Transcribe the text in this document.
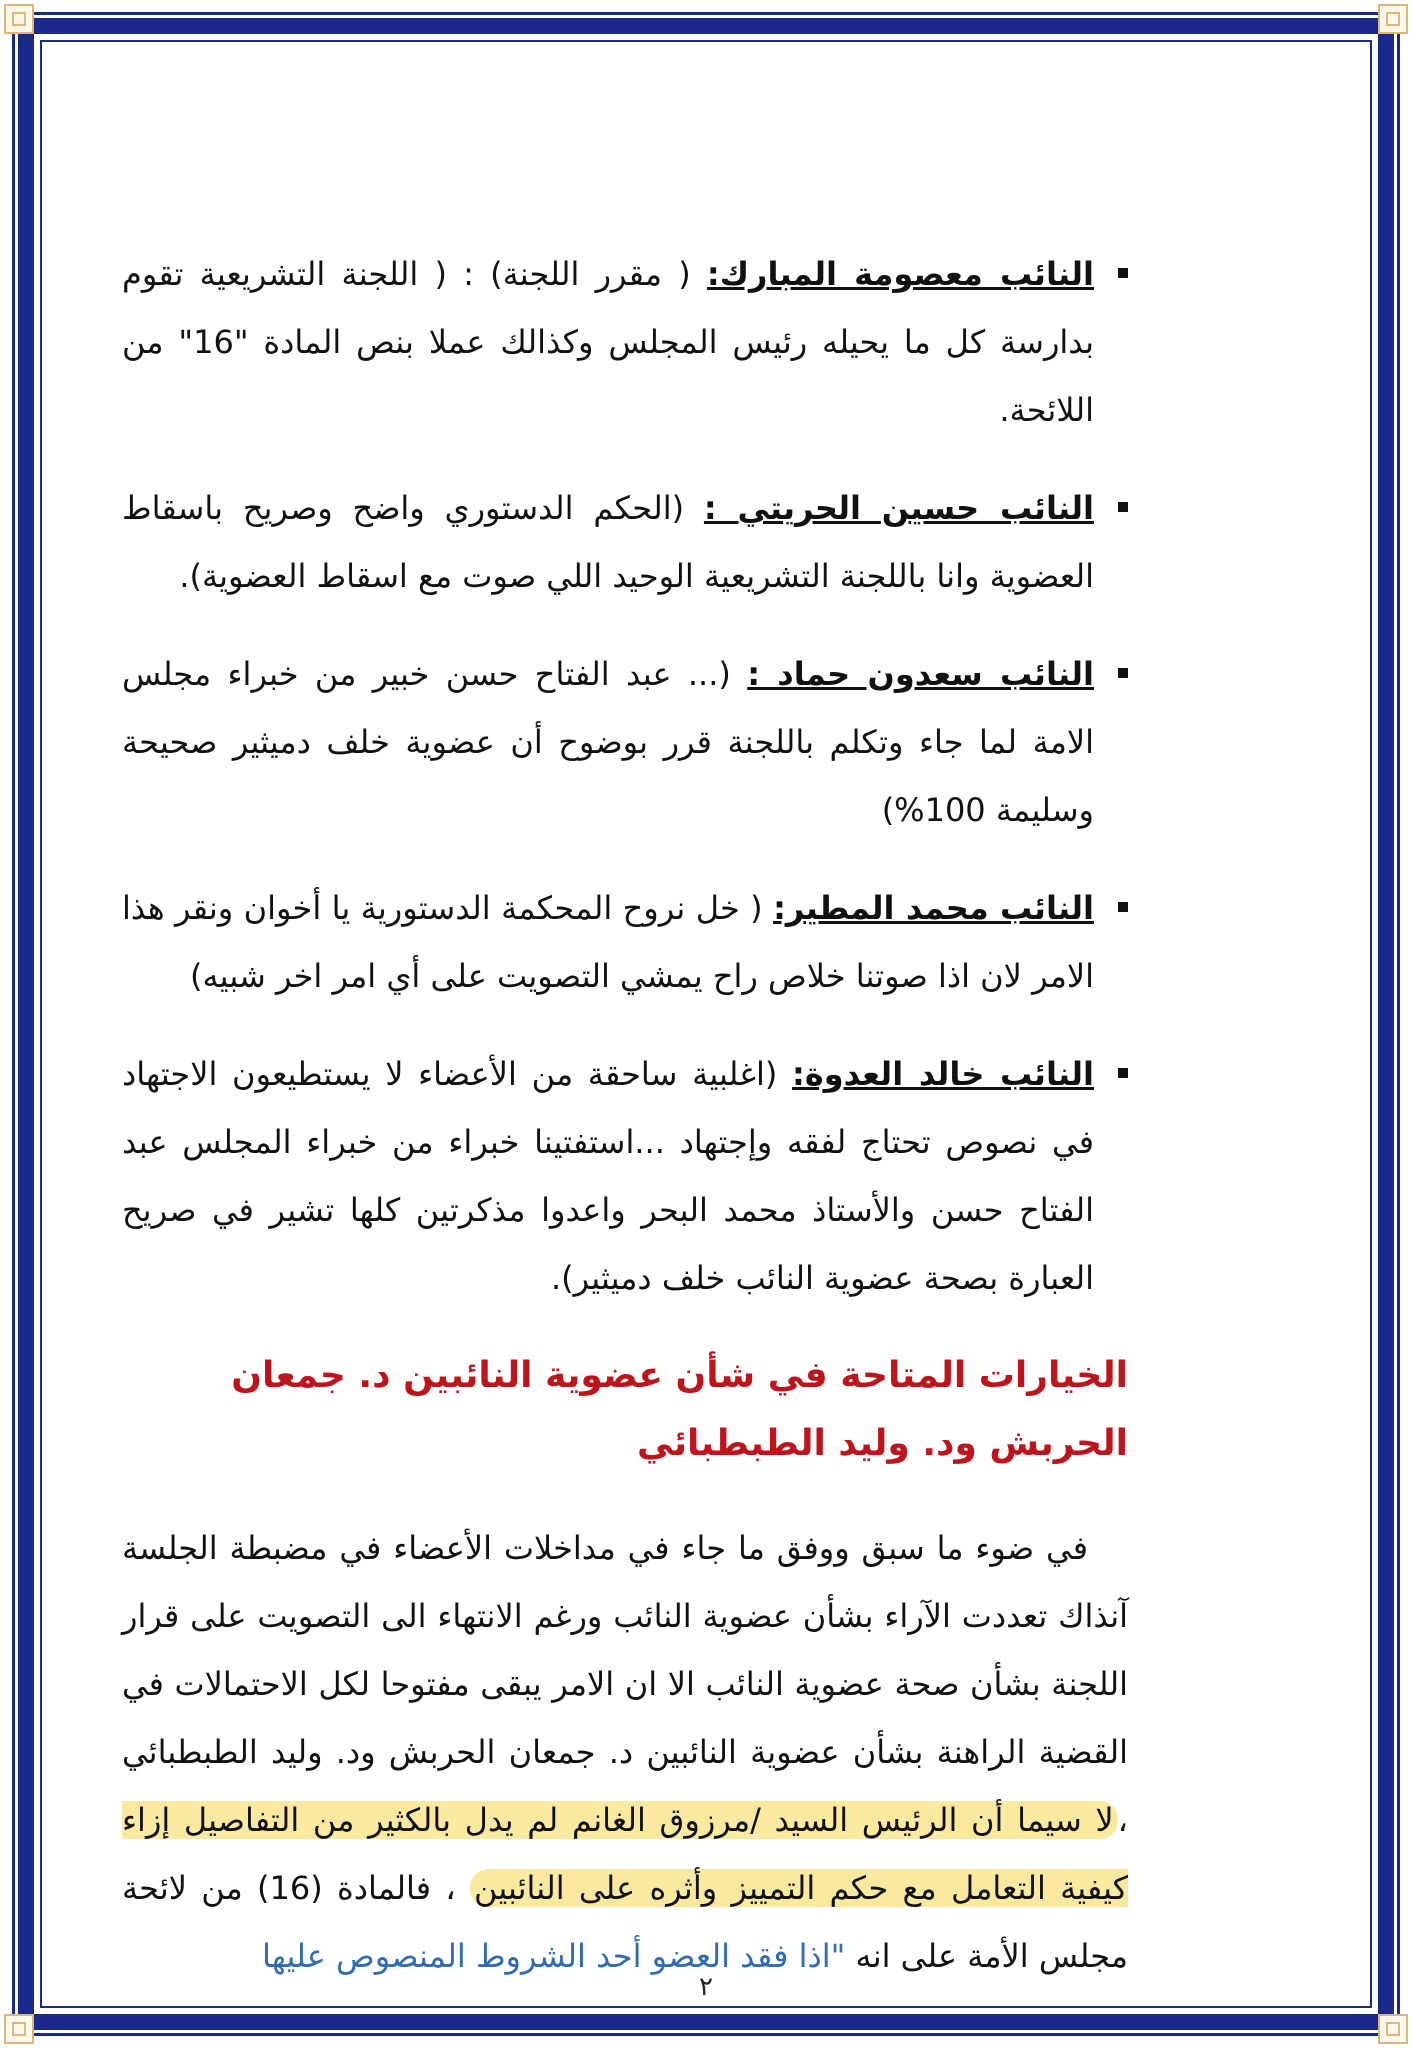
النائب معصومة المبارك: ( مقرر اللجنة) : ( اللجنة التشريعية تقوم بدارسة كل ما يحيله رئيس المجلس وكذالك عملا بنص المادة "16" من اللائحة.
النائب حسين الحريتي : (الحكم الدستوري واضح وصريح باسقاط العضوية وانا باللجنة التشريعية الوحيد اللي صوت مع اسقاط العضوية).
النائب سعدون حماد : (... عبد الفتاح حسن خبير من خبراء مجلس الامة لما جاء وتكلم باللجنة قرر بوضوح أن عضوية خلف دميثير صحيحة وسليمة 100%)
النائب محمد المطير: ( خل نروح المحكمة الدستورية يا أخوان ونقر هذا الامر لان اذا صوتنا خلاص راح يمشي التصويت على أي امر اخر شبيه)
النائب خالد العدوة: (اغلبية ساحقة من الأعضاء لا يستطيعون الاجتهاد في نصوص تحتاج لفقه وإجتهاد ...استفتينا خبراء من خبراء المجلس عبد الفتاح حسن والأستاذ محمد البحر واعدوا مذكرتين كلها تشير في صريح العبارة بصحة عضوية النائب خلف دميثير).
الخيارات المتاحة في شأن عضوية النائبين د. جمعان الحربش ود. وليد الطبطبائي
في ضوء ما سبق ووفق ما جاء في مداخلات الأعضاء في مضبطة الجلسة آنذاك تعددت الآراء بشأن عضوية النائب ورغم الانتهاء الى التصويت على قرار اللجنة بشأن صحة عضوية النائب الا ان الامر يبقى مفتوحا لكل الاحتمالات في القضية الراهنة بشأن عضوية النائبين د. جمعان الحربش ود. وليد الطبطبائي ،لا سيما أن الرئيس السيد /مرزوق الغانم لم يدل بالكثير من التفاصيل إزاء كيفية التعامل مع حكم التمييز وأثره على النائبين ، فالمادة (16) من لائحة مجلس الأمة على انه "اذا فقد العضو أحد الشروط المنصوص عليها
٢
